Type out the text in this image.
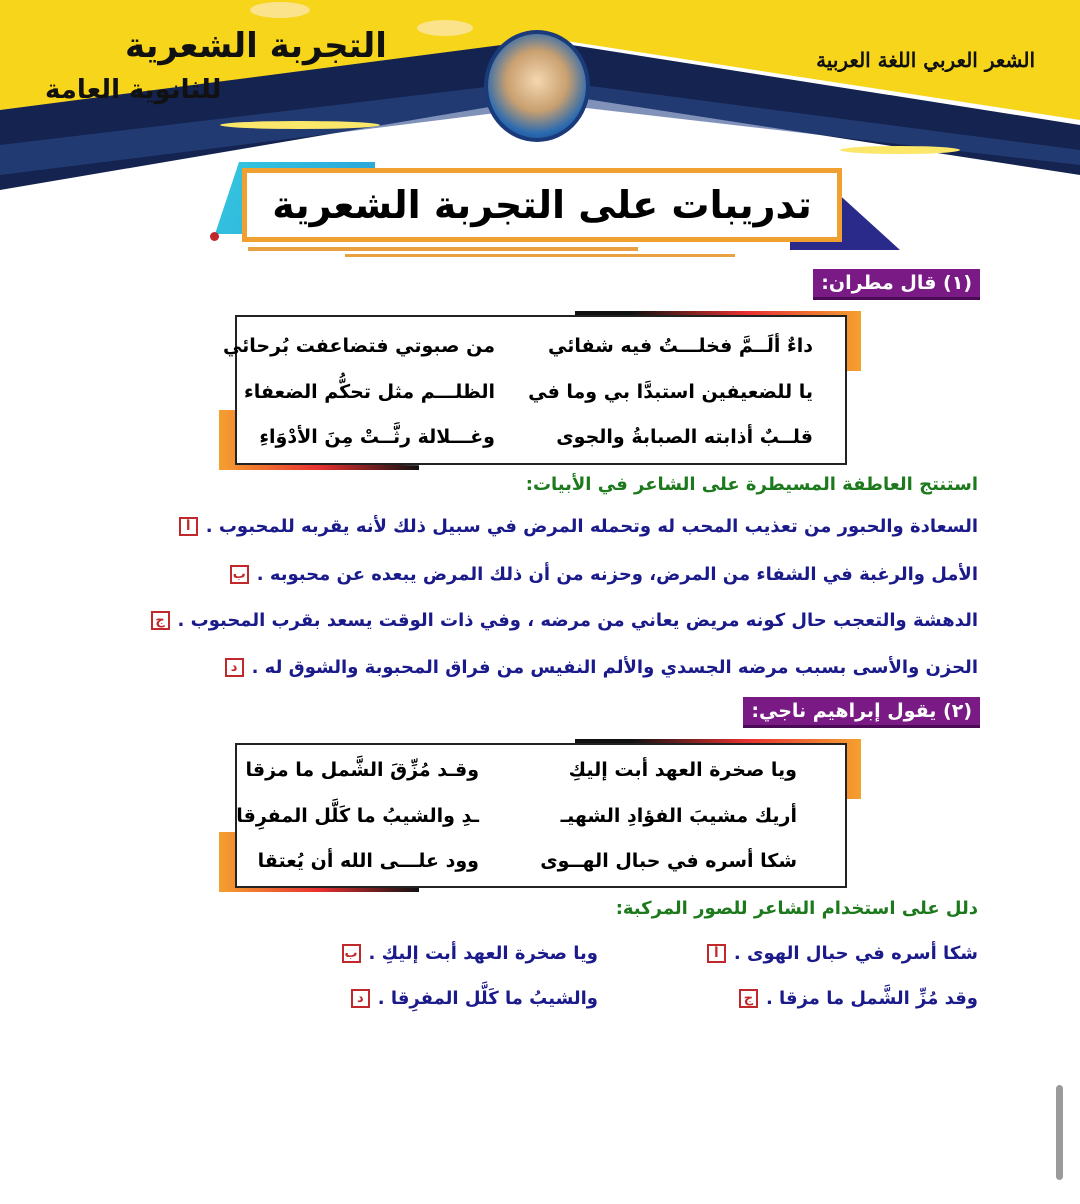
التجربة الشعرية
للثانوية العامة
الشعر العربي اللغة العربية
تدريبات على التجربة الشعرية
(١) قال مطران:
داءٌ ألَــمَّ فخلـــتُ فيه شفائي
من صبوتي فتضاعفت بُرحائي
يا للضعيفين استبدَّا بي وما في
الظلـــم مثل تحكُّم الضعفاء
قلــبٌ أذابته الصبابةُ والجوى
وغـــلالة رثَّــتْ مِنَ الأدْوَاءِ
استنتج العاطفة المسيطرة على الشاعر في الأبيات:
أ السعادة والحبور من تعذيب المحب له وتحمله المرض في سبيل ذلك لأنه يقربه للمحبوب .
ب الأمل والرغبة في الشفاء من المرض، وحزنه من أن ذلك المرض يبعده عن محبوبه .
ج الدهشة والتعجب حال كونه مريض يعاني من مرضه ، وفي ذات الوقت يسعد بقرب المحبوب .
د الحزن والأسى بسبب مرضه الجسدي والألم النفيس من فراق المحبوبة والشوق له .
(٢) يقول إبراهيم ناجي:
ويا صخرة العهد أبت إليكِ
وقـد مُزِّقَ الشَّمل ما مزقا
أريك مشيبَ الفؤادِ الشهيـ
ـدِ والشيبُ ما كَلَّل المفرِقا
شكا أسره في حبال الهــوى
وود علـــى الله أن يُعتقا
دلل على استخدام الشاعر للصور المركبة:
أ شكا أسره في حبال الهوى .
ب ويا صخرة العهد أبت إليكِ .
ج وقد مُزِّ الشَّمل ما مزقا .
د والشيبُ ما كَلَّل المفرِقا .
